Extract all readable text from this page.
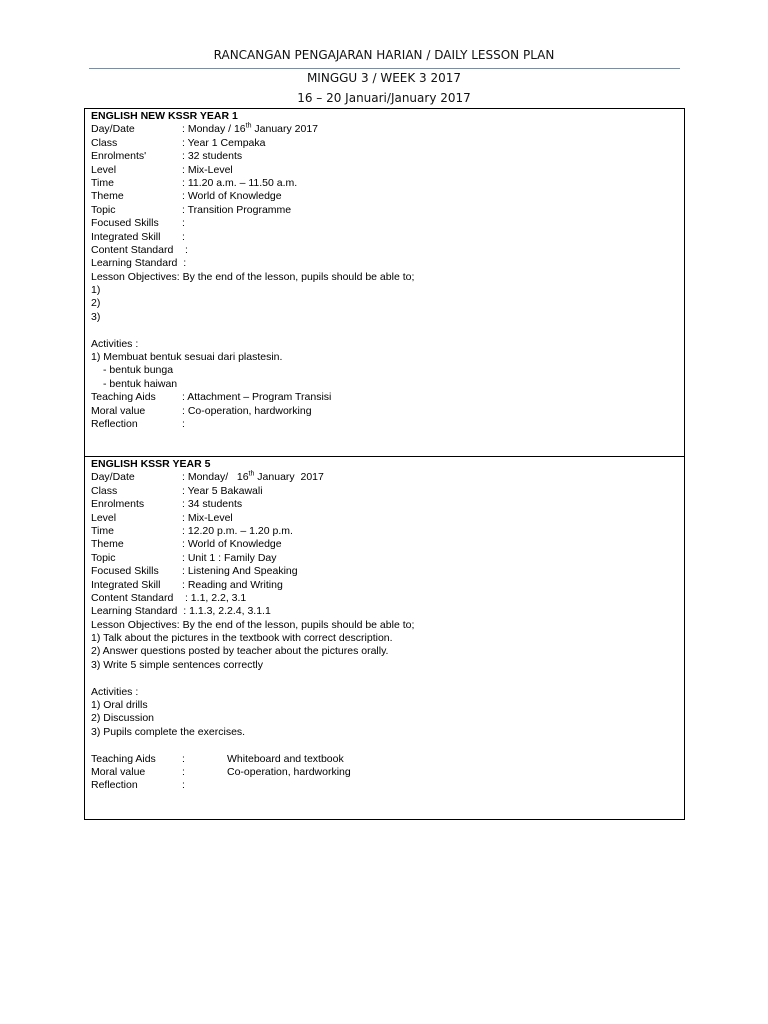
RANCANGAN PENGAJARAN HARIAN / DAILY LESSON PLAN
MINGGU 3 / WEEK 3 2017
16 – 20 Januari/January 2017
ENGLISH NEW KSSR YEAR 1
Day/Date	: Monday / 16th January 2017
Class	: Year 1 Cempaka
Enrolments'	: 32 students
Level	: Mix-Level
Time	: 11.20 a.m. – 11.50 a.m.
Theme	: World of Knowledge
Topic	: Transition Programme
Focused Skills :
Integrated Skill :
Content Standard    :
Learning Standard  :
Lesson Objectives: By the end of the lesson, pupils should be able to;
1)
2)
3)
Activities :
1) Membuat bentuk sesuai dari plastesin.
- bentuk bunga
- bentuk haiwan
Teaching Aids : Attachment – Program Transisi
Moral value	: Co-operation, hardworking
Reflection	:
ENGLISH KSSR YEAR 5
Day/Date	: Monday/   16th January  2017
Class	: Year 5 Bakawali
Enrolments	: 34 students
Level	: Mix-Level
Time	: 12.20 p.m. – 1.20 p.m.
Theme	: World of Knowledge
Topic	: Unit 1 : Family Day
Focused Skills : Listening And Speaking
Integrated Skill : Reading and Writing
Content Standard    : 1.1, 2.2, 3.1
Learning Standard  : 1.1.3, 2.2.4, 3.1.1
Lesson Objectives: By the end of the lesson, pupils should be able to;
1) Talk about the pictures in the textbook with correct description.
2) Answer questions posted by teacher about the pictures orally.
3) Write 5 simple sentences correctly
Activities :
1) Oral drills
2) Discussion
3) Pupils complete the exercises.
Teaching Aids :	Whiteboard and textbook
Moral value	:	Co-operation, hardworking
Reflection	:
